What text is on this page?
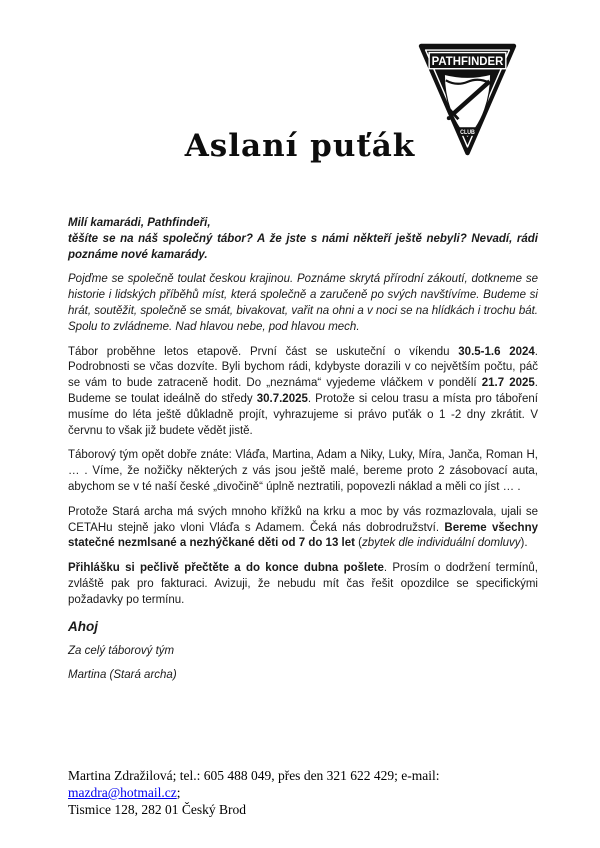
PATHFINDER
CLUB
Aslaní puťák

Milí kamarádi, Pathfindeři,
těšíte se na náš společný tábor? A že jste s námi někteří ještě nebyli? Nevadí, rádi poznáme nové kamarády.

Pojďme se společně toulat českou krajinou. Poznáme skrytá přírodní zákoutí, dotkneme se historie i lidských příběhů míst, která společně a zaručeně po svých navštívíme. Budeme si hrát, soutěžit, společně se smát, bivakovat, vařit na ohni a v noci se na hlídkách i trochu bát. Spolu to zvládneme. Nad hlavou nebe, pod hlavou mech.

Tábor proběhne letos etapově. První část se uskuteční o víkendu 30.5-1.6 2024. Podrobnosti se včas dozvíte. Byli bychom rádi, kdybyste dorazili v co největším počtu, páč se vám to bude zatraceně hodit. Do „neznáma“ vyjedeme vláčkem v pondělí 21.7 2025. Budeme se toulat ideálně do středy 30.7.2025. Protože si celou trasu a místa pro táboření musíme do léta ještě důkladně projít, vyhrazujeme si právo puťák o 1 -2 dny zkrátit. V červnu to však již budete vědět jistě.

Táborový tým opět dobře znáte: Vláďa, Martina, Adam a Niky, Luky, Míra, Janča, Roman H, … . Víme, že nožičky některých z vás jsou ještě malé, bereme proto 2 zásobovací auta, abychom se v té naší české „divočině“ úplně neztratili, popovezli náklad a měli co jíst … .

Protože Stará archa má svých mnoho křížků na krku a moc by vás rozmazlovala, ujali se CETAHu stejně jako vloni Vláďa s Adamem. Čeká nás dobrodružství. Bereme všechny statečné nezmlsané a nezhýčkané děti od 7 do 13 let (zbytek dle individuální domluvy).

Přihlášku si pečlivě přečtěte a do konce dubna pošlete. Prosím o dodržení termínů, zvláště pak pro fakturaci. Avizuji, že nebudu mít čas řešit opozdilce se specifickými požadavky po termínu.

Ahoj

Za celý táborový tým

Martina (Stará archa)

Martina Zdražilová; tel.: 605 488 049, přes den 321 622 429; e-mail: mazdra@hotmail.cz;
Tismice 128, 282 01 Český Brod
